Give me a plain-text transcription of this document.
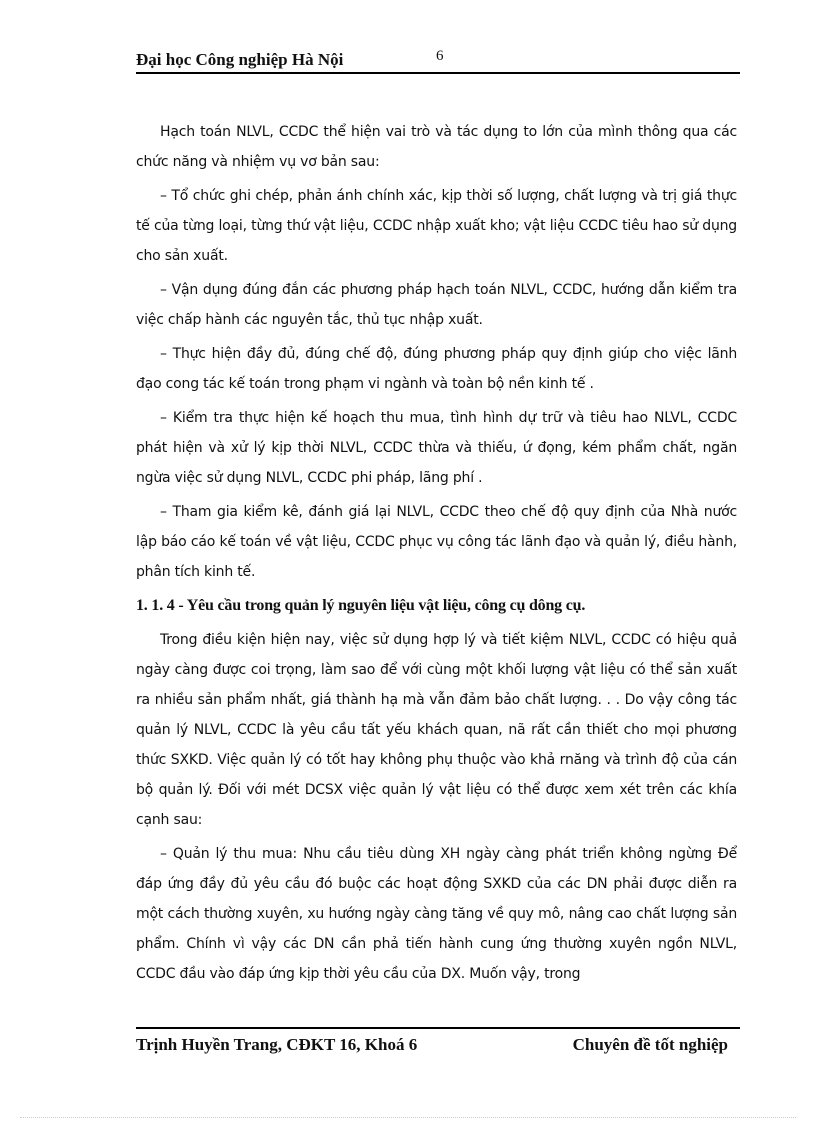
Đại học Công nghiệp Hà Nội	6

Hạch toán NLVL, CCDC thể hiện vai trò và tác dụng to lớn của mình thông qua các chức năng và nhiệm vụ vơ bản sau:

– Tổ chức ghi chép, phản ánh chính xác, kịp thời số lượng, chất lượng và trị giá thực tế của từng loại, từng thứ vật liệu, CCDC nhập xuất kho; vật liệu CCDC tiêu hao sử dụng cho sản xuất.

– Vận dụng đúng đắn các phương pháp hạch toán NLVL, CCDC, hướng dẫn kiểm tra việc chấp hành các nguyên tắc, thủ tục nhập xuất.

– Thực hiện đầy đủ, đúng chế độ, đúng phương pháp quy định giúp cho việc lãnh đạo cong tác kế toán trong phạm vi ngành và toàn bộ nền kinh tế .

– Kiểm tra thực hiện kế hoạch thu mua, tình hình dự trữ và tiêu hao NLVL, CCDC phát hiện và xử lý kịp thời NLVL, CCDC thừa và thiếu, ứ đọng, kém phẩm chất, ngăn ngừa việc sử dụng NLVL, CCDC phi pháp, lãng phí .

– Tham gia kiểm kê, đánh giá lại NLVL, CCDC theo chế độ quy định của Nhà nước lập báo cáo kế toán về vật liệu, CCDC phục vụ công tác lãnh đạo và quản lý, điều hành, phân tích kinh tế.

1. 1. 4 - Yêu cầu trong quản lý nguyên liệu vật liệu, công cụ dông cụ.

Trong điều kiện hiện nay, việc sử dụng hợp lý và tiết kiệm NLVL, CCDC có hiệu quả ngày càng được coi trọng, làm sao để với cùng một khối lượng vật liệu có thể sản xuất ra nhiều sản phẩm nhất, giá thành hạ mà vẫn đảm bảo chất lượng. . . Do vậy công tác quản lý NLVL, CCDC là yêu cầu tất yếu khách quan, nã rất cần thiết cho mọi phương thức SXKD. Việc quản lý có tốt hay không phụ thuộc vào khả rnăng và trình độ của cán bộ quản lý. Đối với mét DCSX việc quản lý vật liệu có thể được xem xét trên các khía cạnh sau:

– Quản lý thu mua: Nhu cầu tiêu dùng XH ngày càng phát triển không ngừng Để đáp ứng đầy đủ yêu cầu đó buộc các hoạt động SXKD của các DN phải được diễn ra một cách thường xuyên, xu hướng ngày càng tăng về quy mô, nâng cao chất lượng sản phẩm. Chính vì vậy các DN cần phả tiến hành cung ứng thường xuyên ngồn NLVL, CCDC đầu vào đáp ứng kịp thời yêu cầu của DX. Muốn vậy, trong

Trịnh Huyền Trang, CĐKT 16, Khoá 6	Chuyên đề tốt nghiệp
